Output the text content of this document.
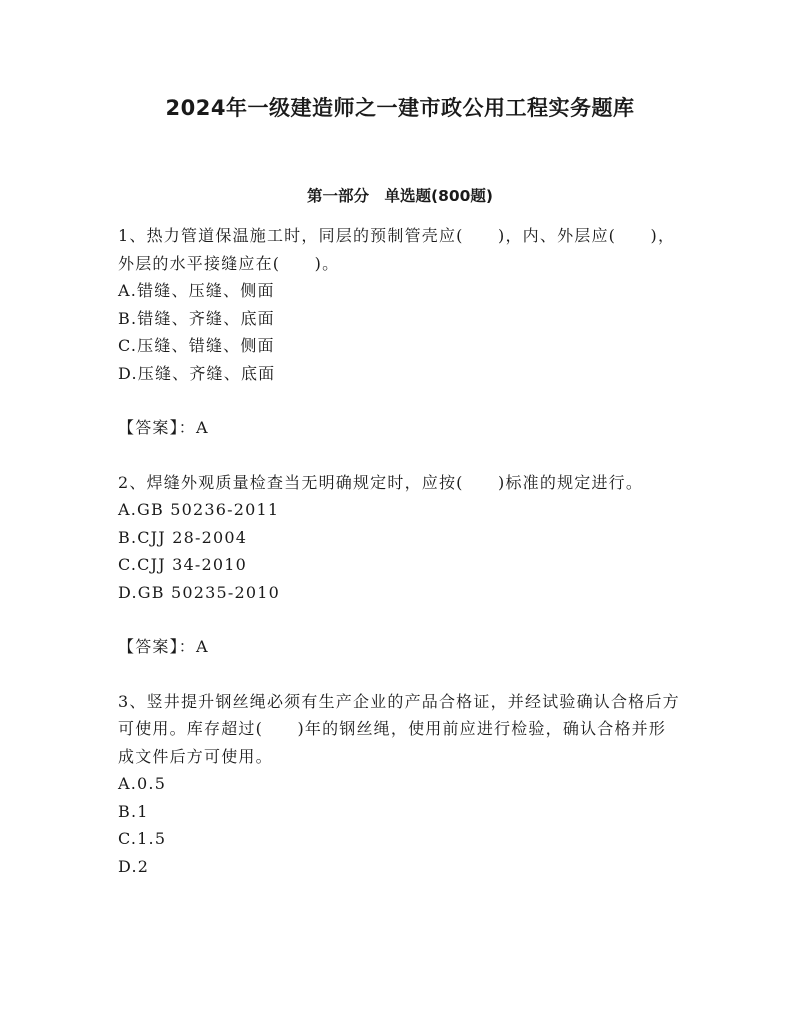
2024年一级建造师之一建市政公用工程实务题库
第一部分　单选题(800题)

1、热力管道保温施工时，同层的预制管壳应(　　)，内、外层应(　　)，外层的水平接缝应在(　　)。

A.错缝、压缝、侧面
B.错缝、齐缝、底面
C.压缝、错缝、侧面
D.压缝、齐缝、底面
【答案】：A

2、焊缝外观质量检查当无明确规定时，应按(　　)标准的规定进行。

A.GB 50236-2011
B.CJJ 28-2004
C.CJJ 34-2010
D.GB 50235-2010
【答案】：A

3、竖井提升钢丝绳必须有生产企业的产品合格证，并经试验确认合格后方可使用。库存超过(　　)年的钢丝绳，使用前应进行检验，确认合格并形成文件后方可使用。

A.0.5
B.1
C.1.5
D.2
